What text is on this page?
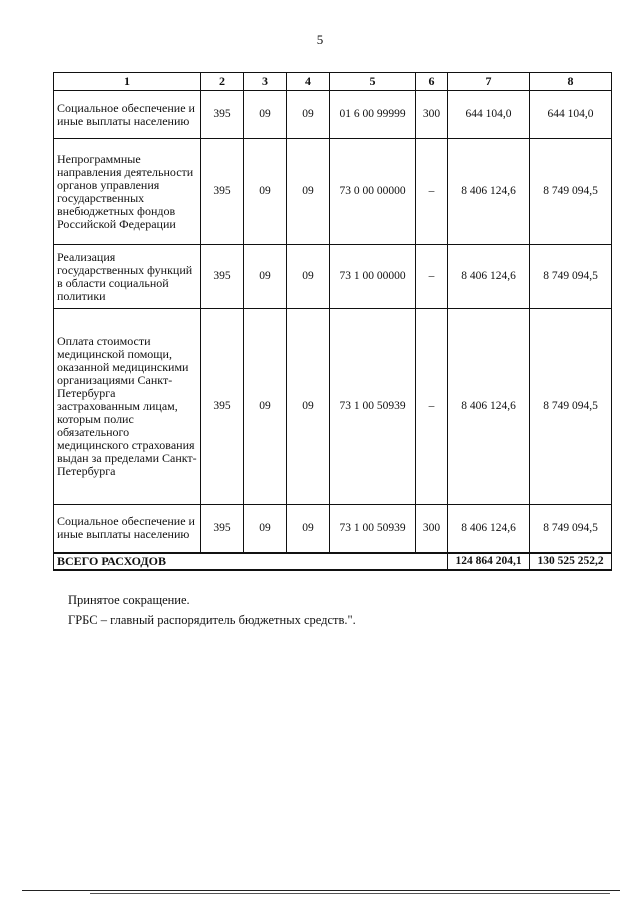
5
1	2	3	4	5	6	7	8
Социальное обеспечение и иные выплаты населению	395	09	09	01 6 00 99999	300	644 104,0	644 104,0
Непрограммные направления деятельности органов управления государственных внебюджетных фондов Российской Федерации	395	09	09	73 0 00 00000	–	8 406 124,6	8 749 094,5
Реализация государственных функций в области социальной политики	395	09	09	73 1 00 00000	–	8 406 124,6	8 749 094,5
Оплата стоимости медицинской помощи, оказанной медицинскими организациями Санкт-Петербурга застрахованным лицам, которым полис обязательного медицинского страхования выдан за пределами Санкт-Петербурга	395	09	09	73 1 00 50939	–	8 406 124,6	8 749 094,5
Социальное обеспечение и иные выплаты населению	395	09	09	73 1 00 50939	300	8 406 124,6	8 749 094,5
ВСЕГО РАСХОДОВ						124 864 204,1	130 525 252,2
Принятое сокращение.
ГРБС – главный распорядитель бюджетных средств.".
